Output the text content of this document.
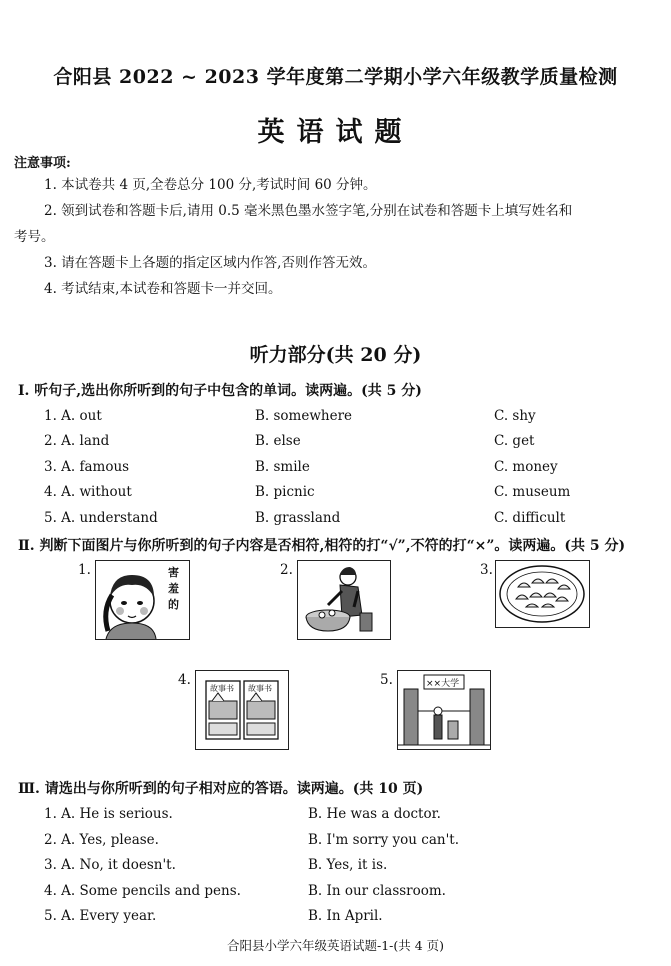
合阳县 2022 ~ 2023 学年度第二学期小学六年级教学质量检测
英语试题
注意事项:
1. 本试卷共 4 页,全卷总分 100 分,考试时间 60 分钟。
2. 领到试卷和答题卡后,请用 0.5 毫米黑色墨水签字笔,分别在试卷和答题卡上填写姓名和
考号。
3. 请在答题卡上各题的指定区域内作答,否则作答无效。
4. 考试结束,本试卷和答题卡一并交回。
听力部分(共 20 分)
Ⅰ. 听句子,选出你所听到的句子中包含的单词。读两遍。(共 5 分)
1. A. out	B. somewhere	C. shy
2. A. land	B. else	C. get
3. A. famous	B. smile	C. money
4. A. without	B. picnic	C. museum
5. A. understand	B. grassland	C. difficult
Ⅱ. 判断下面图片与你所听到的句子内容是否相符,相符的打“√”,不符的打“×”。读两遍。(共 5 分)
1.	害羞的
2.	3.
4.
故事书 故事书
5.	××大学
Ⅲ. 请选出与你所听到的句子相对应的答语。读两遍。(共 10 页)
1. A. He is serious.	B. He was a doctor.
2. A. Yes, please.	B. I'm sorry you can't.
3. A. No, it doesn't.	B. Yes, it is.
4. A. Some pencils and pens.	B. In our classroom.
5. A. Every year.	B. In April.
合阳县小学六年级英语试题-1-(共 4 页)
